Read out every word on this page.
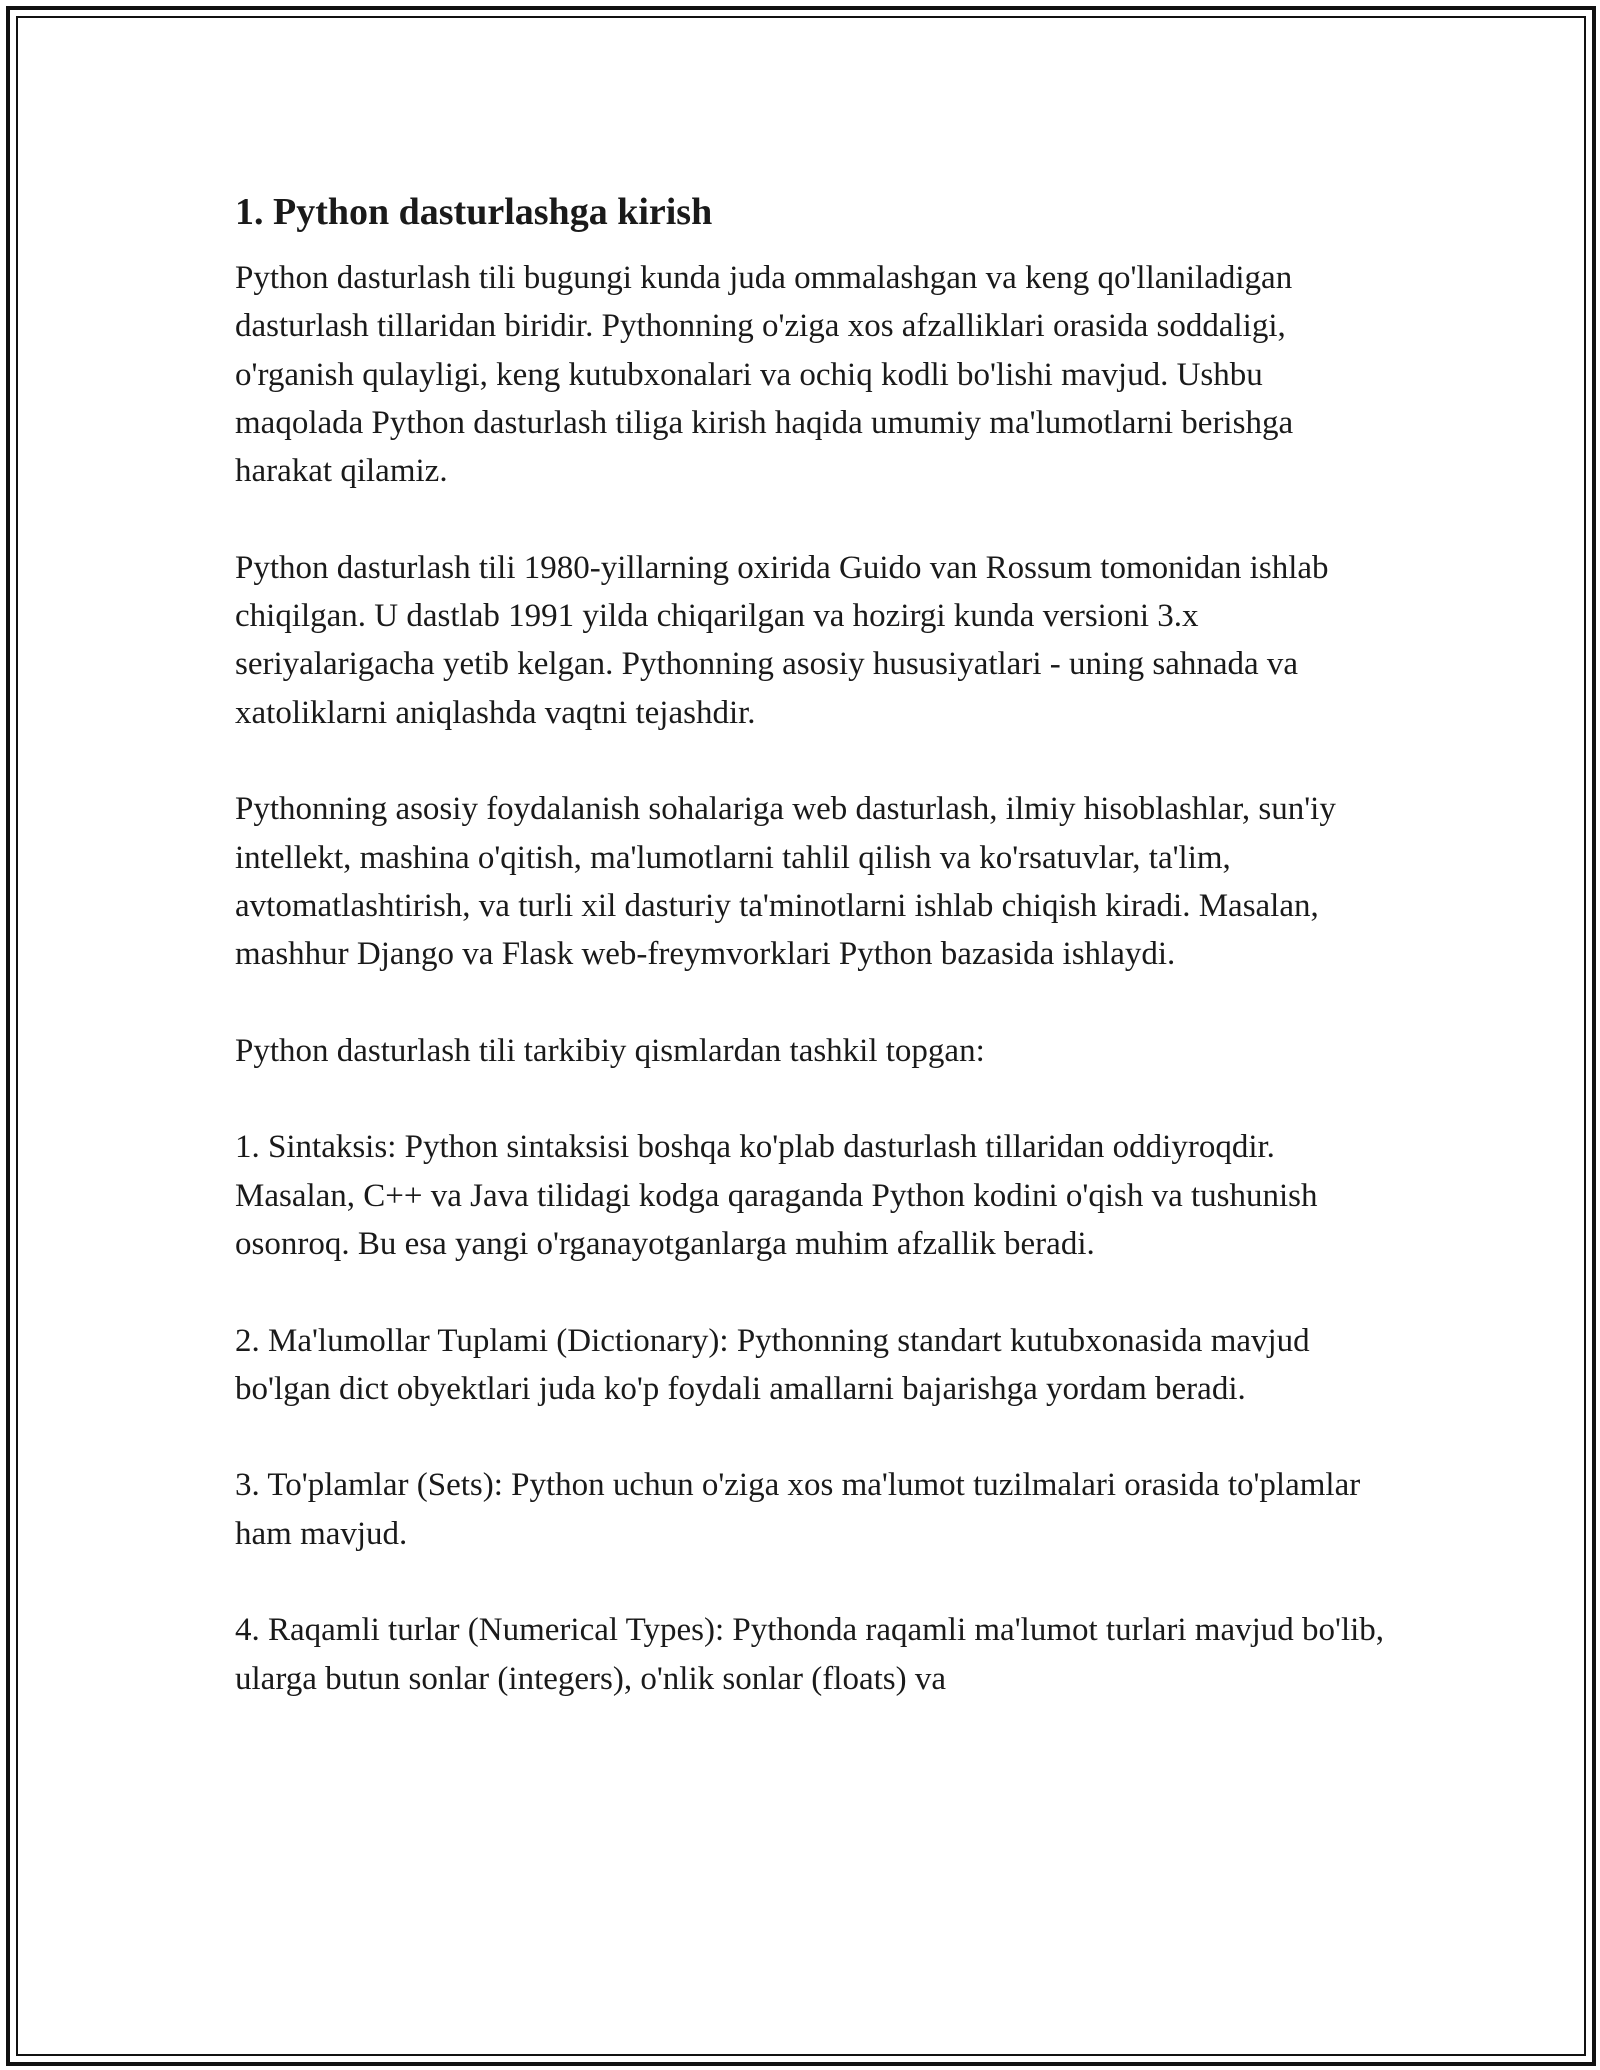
1. Python dasturlashga kirish

Python dasturlash tili bugungi kunda juda ommalashgan va keng qo'llaniladigan dasturlash tillaridan biridir. Pythonning o'ziga xos afzalliklari orasida soddaligi, o'rganish qulayligi, keng kutubxonalari va ochiq kodli bo'lishi mavjud. Ushbu maqolada Python dasturlash tiliga kirish haqida umumiy ma'lumotlarni berishga harakat qilamiz.

Python dasturlash tili 1980-yillarning oxirida Guido van Rossum tomonidan ishlab chiqilgan. U dastlab 1991 yilda chiqarilgan va hozirgi kunda versioni 3.x seriyalarigacha yetib kelgan. Pythonning asosiy hususiyatlari - uning sahnada va xatoliklarni aniqlashda vaqtni tejashdir.

Pythonning asosiy foydalanish sohalariga web dasturlash, ilmiy hisoblashlar, sun'iy intellekt, mashina o'qitish, ma'lumotlarni tahlil qilish va ko'rsatuvlar, ta'lim, avtomatlashtirish, va turli xil dasturiy ta'minotlarni ishlab chiqish kiradi. Masalan, mashhur Django va Flask web-freymvorklari Python bazasida ishlaydi.

Python dasturlash tili tarkibiy qismlardan tashkil topgan:

1. Sintaksis: Python sintaksisi boshqa ko'plab dasturlash tillaridan oddiyroqdir. Masalan, C++ va Java tilidagi kodga qaraganda Python kodini o'qish va tushunish osonroq. Bu esa yangi o'rganayotganlarga muhim afzallik beradi.

2. Ma'lumollar Tuplami (Dictionary): Pythonning standart kutubxonasida mavjud bo'lgan dict obyektlari juda ko'p foydali amallarni bajarishga yordam beradi.

3. To'plamlar (Sets): Python uchun o'ziga xos ma'lumot tuzilmalari orasida to'plamlar ham mavjud.

4. Raqamli turlar (Numerical Types): Pythonda raqamli ma'lumot turlari mavjud bo'lib, ularga butun sonlar (integers), o'nlik sonlar (floats) va
